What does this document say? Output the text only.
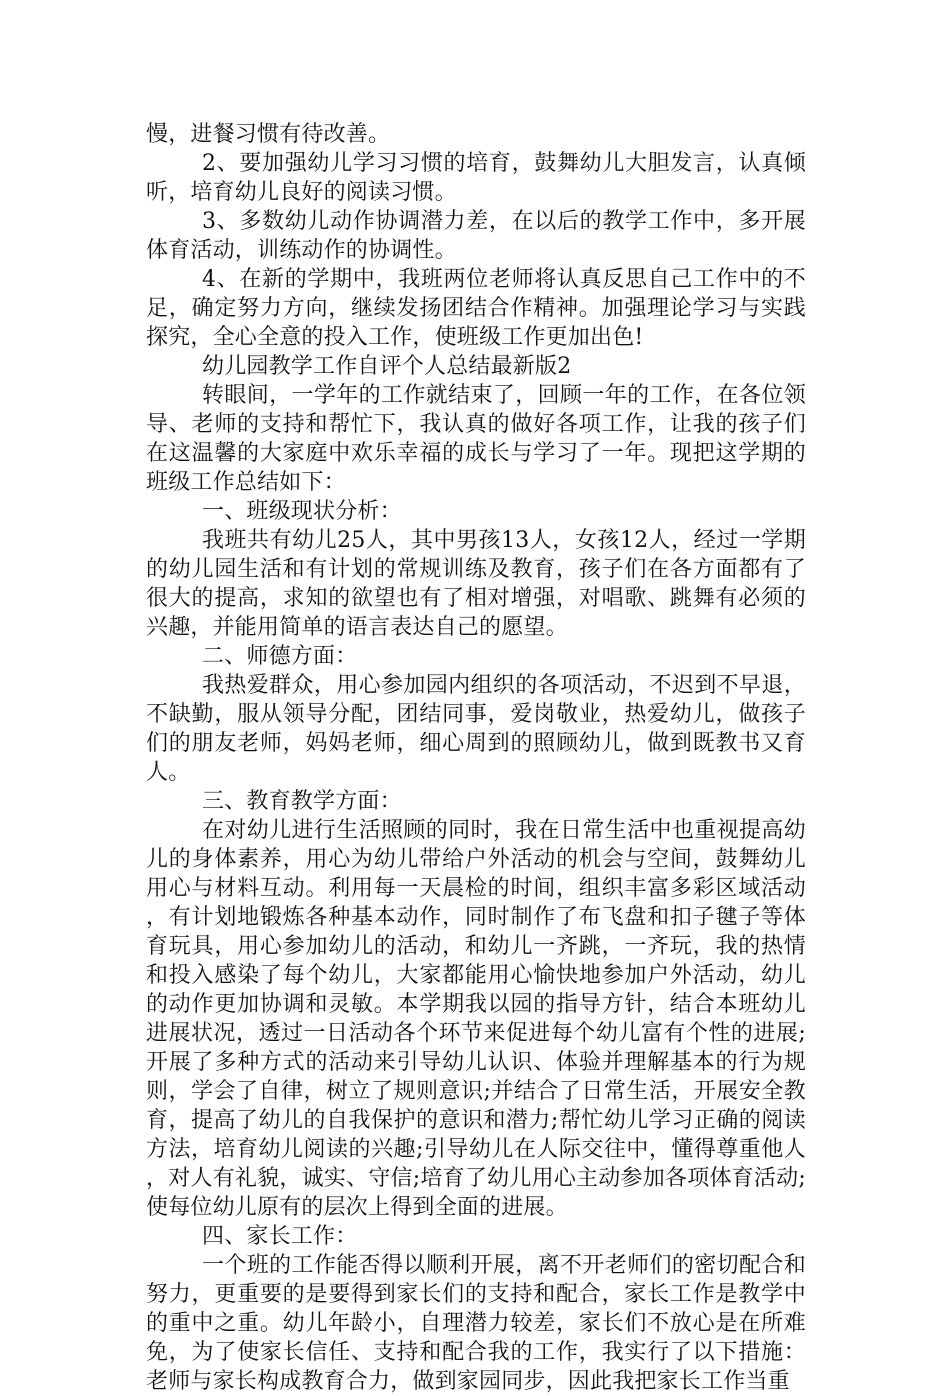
慢，进餐习惯有待改善。

2、要加强幼儿学习习惯的培育，鼓舞幼儿大胆发言，认真倾听，培育幼儿良好的阅读习惯。

3、多数幼儿动作协调潜力差，在以后的教学工作中，多开展体育活动，训练动作的协调性。

4、在新的学期中，我班两位老师将认真反思自己工作中的不足，确定努力方向，继续发扬团结合作精神。加强理论学习与实践探究，全心全意的投入工作，使班级工作更加出色!

幼儿园教学工作自评个人总结最新版2

转眼间，一学年的工作就结束了，回顾一年的工作，在各位领导、老师的支持和帮忙下，我认真的做好各项工作，让我的孩子们在这温馨的大家庭中欢乐幸福的成长与学习了一年。现把这学期的班级工作总结如下：

一、班级现状分析：

我班共有幼儿25人，其中男孩13人，女孩12人，经过一学期的幼儿园生活和有计划的常规训练及教育，孩子们在各方面都有了很大的提高，求知的欲望也有了相对增强，对唱歌、跳舞有必须的兴趣，并能用简单的语言表达自己的愿望。

二、师德方面：

我热爱群众，用心参加园内组织的各项活动，不迟到不早退，不缺勤，服从领导分配，团结同事，爱岗敬业，热爱幼儿，做孩子们的朋友老师，妈妈老师，细心周到的照顾幼儿，做到既教书又育人。

三、教育教学方面：

在对幼儿进行生活照顾的同时，我在日常生活中也重视提高幼儿的身体素养，用心为幼儿带给户外活动的机会与空间，鼓舞幼儿用心与材料互动。利用每一天晨检的时间，组织丰富多彩区域活动，有计划地锻炼各种基本动作，同时制作了布飞盘和扣子毽子等体育玩具，用心参加幼儿的活动，和幼儿一齐跳，一齐玩，我的热情和投入感染了每个幼儿，大家都能用心愉快地参加户外活动，幼儿的动作更加协调和灵敏。本学期我以园的指导方针，结合本班幼儿进展状况，透过一日活动各个环节来促进每个幼儿富有个性的进展;开展了多种方式的活动来引导幼儿认识、体验并理解基本的行为规则，学会了自律，树立了规则意识;并结合了日常生活，开展安全教育，提高了幼儿的自我保护的意识和潜力;帮忙幼儿学习正确的阅读方法，培育幼儿阅读的兴趣;引导幼儿在人际交往中，懂得尊重他人，对人有礼貌，诚实、守信;培育了幼儿用心主动参加各项体育活动;使每位幼儿原有的层次上得到全面的进展。

四、家长工作：

一个班的工作能否得以顺利开展，离不开老师们的密切配合和努力，更重要的是要得到家长们的支持和配合，家长工作是教学中的重中之重。幼儿年龄小，自理潜力较差，家长们不放心是在所难免，为了使家长信任、支持和配合我的工作，我实行了以下措施：老师与家长构成教育合力，做到家园同步，因此我把家长工作当重
